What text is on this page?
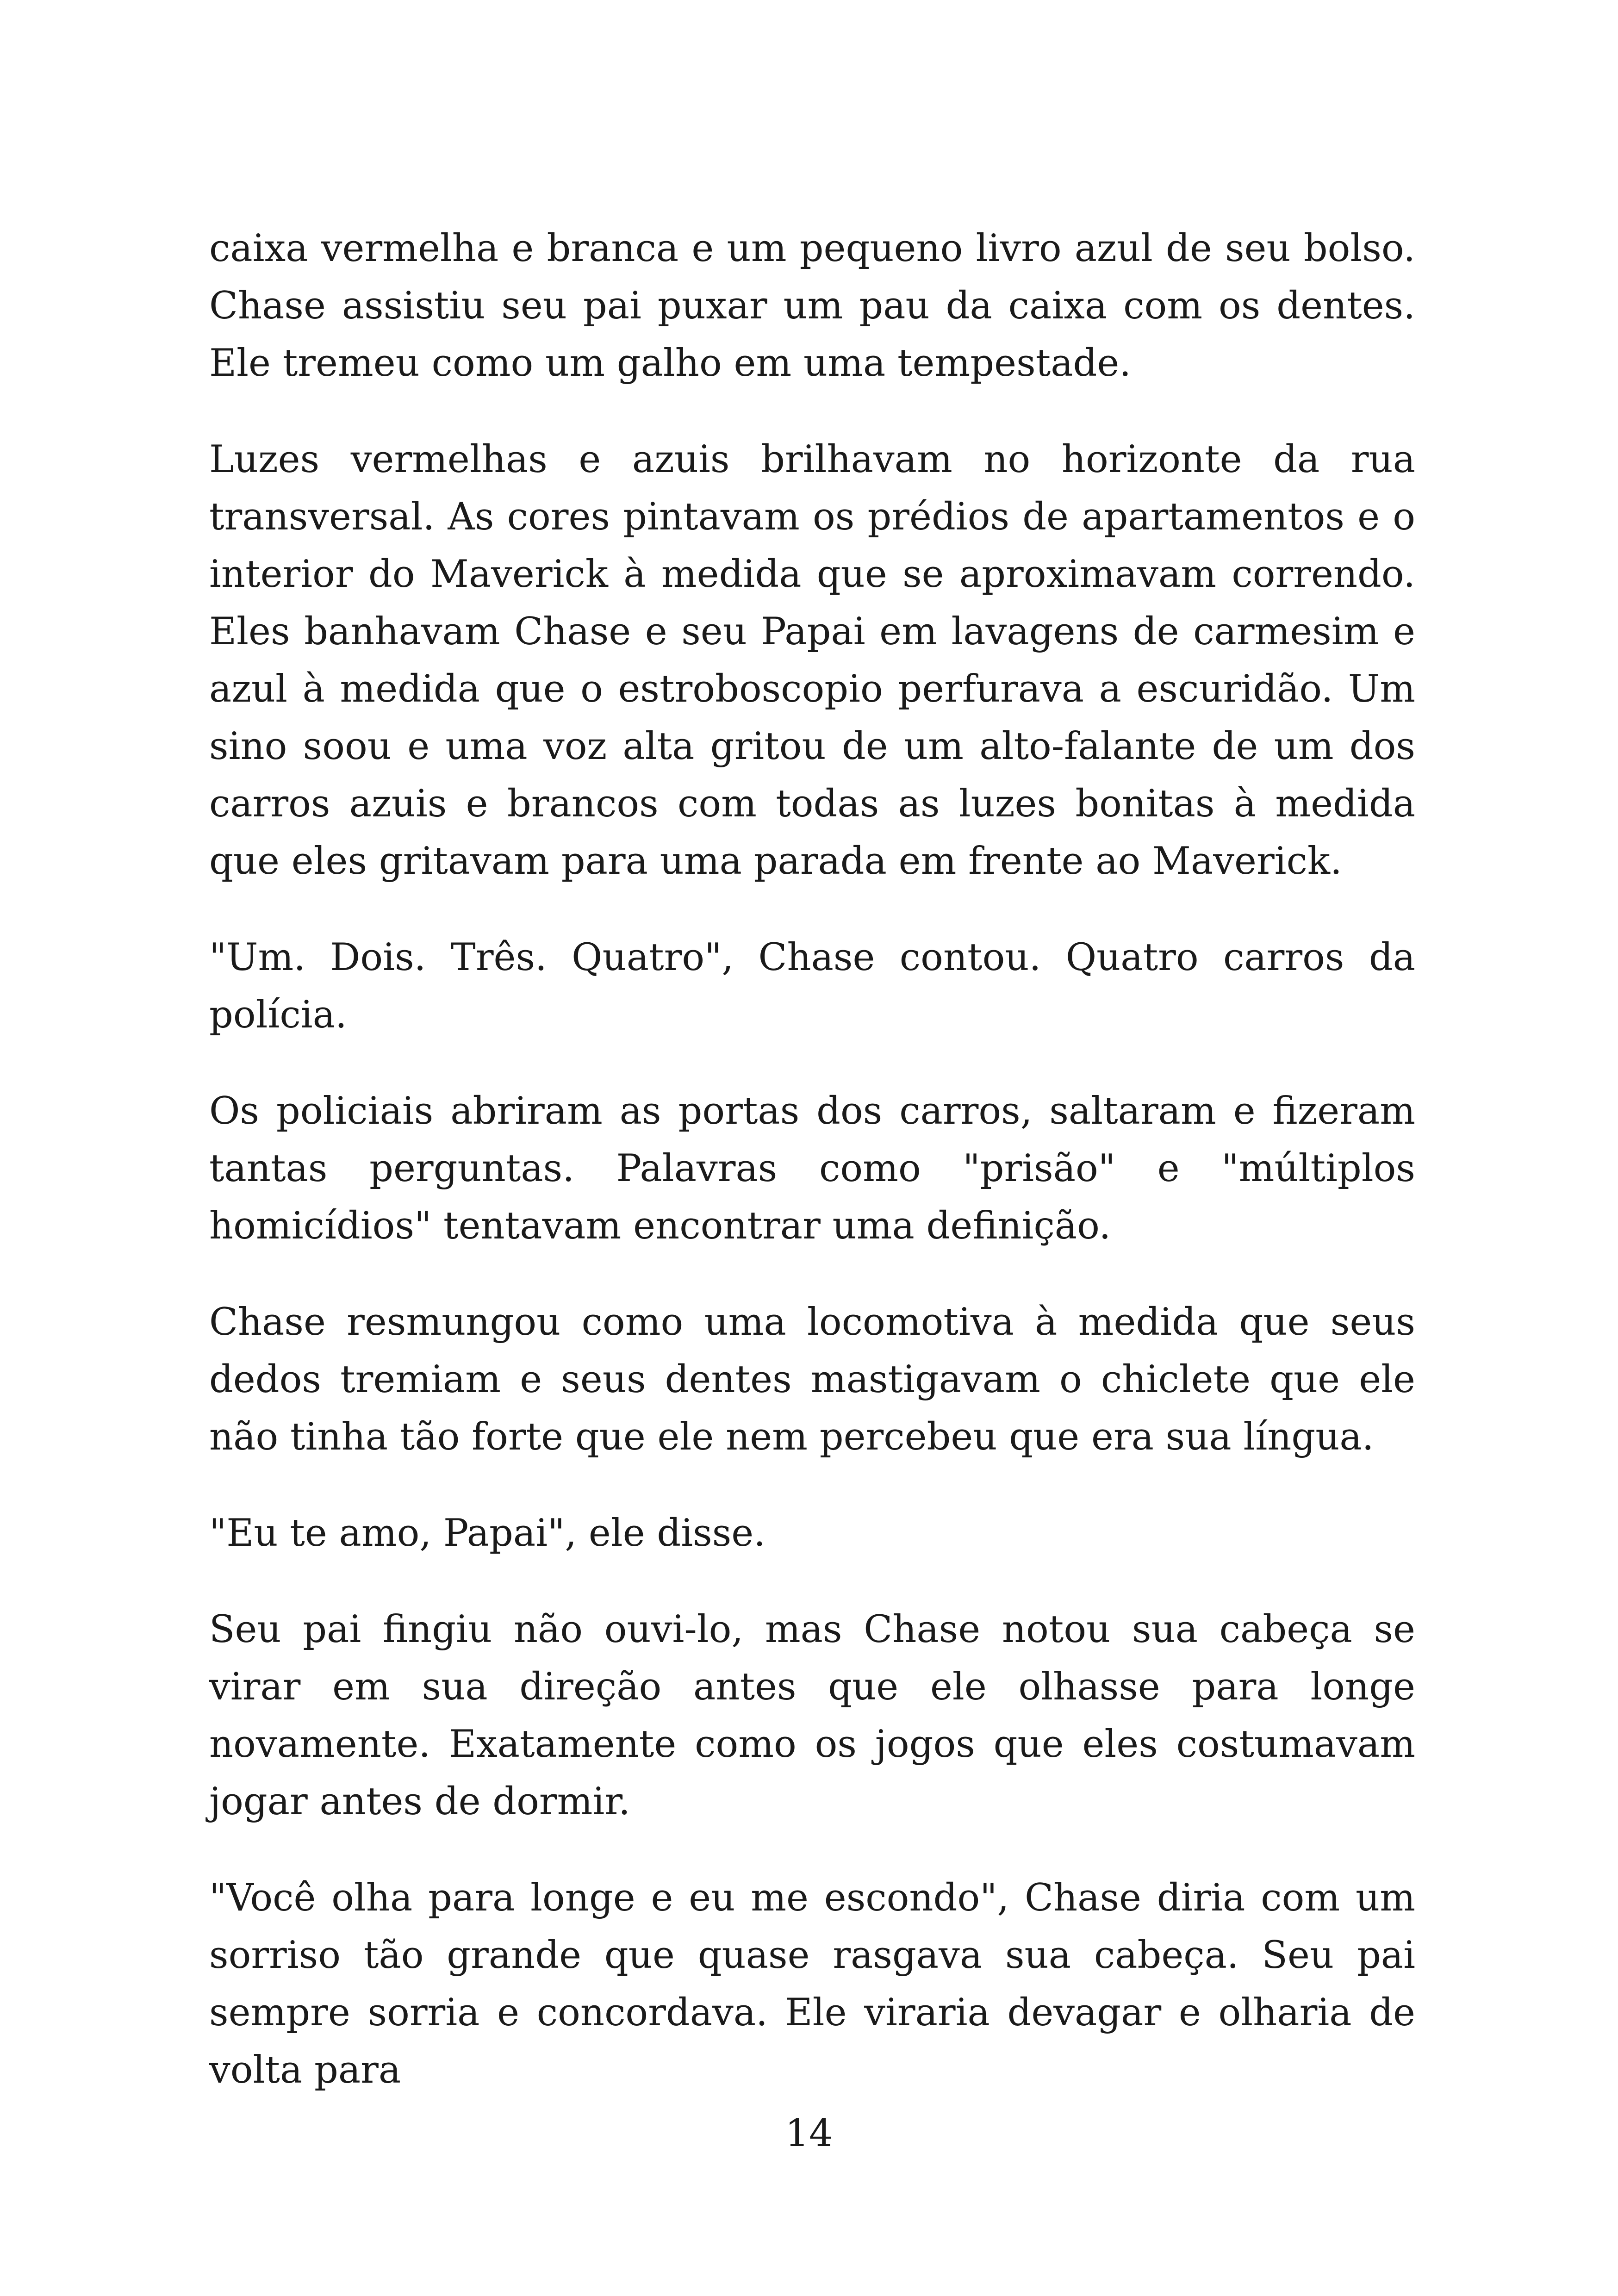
caixa vermelha e branca e um pequeno livro azul de seu bolso. Chase assistiu seu pai puxar um pau da caixa com os dentes. Ele tremeu como um galho em uma tempestade.

Luzes vermelhas e azuis brilhavam no horizonte da rua transversal. As cores pintavam os prédios de apartamentos e o interior do Maverick à medida que se aproximavam correndo. Eles banhavam Chase e seu Papai em lavagens de carmesim e azul à medida que o estroboscopio perfurava a escuridão. Um sino soou e uma voz alta gritou de um alto-falante de um dos carros azuis e brancos com todas as luzes bonitas à medida que eles gritavam para uma parada em frente ao Maverick.

"Um. Dois. Três. Quatro", Chase contou. Quatro carros da polícia.

Os policiais abriram as portas dos carros, saltaram e fizeram tantas perguntas. Palavras como "prisão" e "múltiplos homicídios" tentavam encontrar uma definição.

Chase resmungou como uma locomotiva à medida que seus dedos tremiam e seus dentes mastigavam o chiclete que ele não tinha tão forte que ele nem percebeu que era sua língua.

"Eu te amo, Papai", ele disse.

Seu pai fingiu não ouvi-lo, mas Chase notou sua cabeça se virar em sua direção antes que ele olhasse para longe novamente. Exatamente como os jogos que eles costumavam jogar antes de dormir.

"Você olha para longe e eu me escondo", Chase diria com um sorriso tão grande que quase rasgava sua cabeça. Seu pai sempre sorria e concordava. Ele viraria devagar e olharia de volta para

14
